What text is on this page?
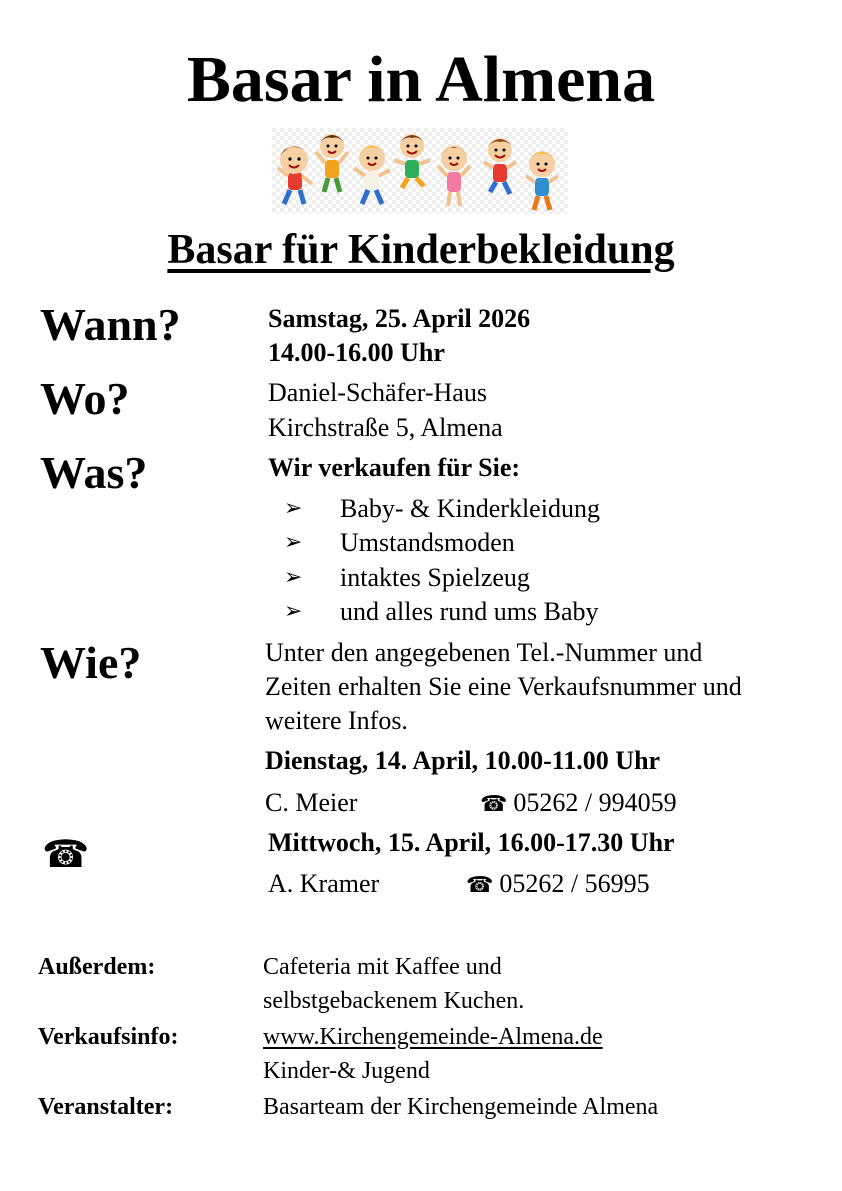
Basar in Almena
Basar für Kinderbekleidung
Wann?	Samstag, 25. April 2026
14.00-16.00 Uhr
Wo?	Daniel-Schäfer-Haus
Kirchstraße 5, Almena
Was?	Wir verkaufen für Sie:
➢ Baby- & Kinderkleidung
➢ Umstandsmoden
➢ intaktes Spielzeug
➢ und alles rund ums Baby
Wie?	Unter den angegebenen Tel.-Nummer und
Zeiten erhalten Sie eine Verkaufsnummer und
weitere Infos.
Dienstag, 14. April, 10.00-11.00 Uhr
C. Meier	☎ 05262 / 994059
☎	Mittwoch, 15. April, 16.00-17.30 Uhr
A. Kramer	☎ 05262 / 56995
Außerdem:	Cafeteria mit Kaffee und
selbstgebackenem Kuchen.
Verkaufsinfo:	www.Kirchengemeinde-Almena.de
Kinder-& Jugend
Veranstalter:	Basarteam der Kirchengemeinde Almena
